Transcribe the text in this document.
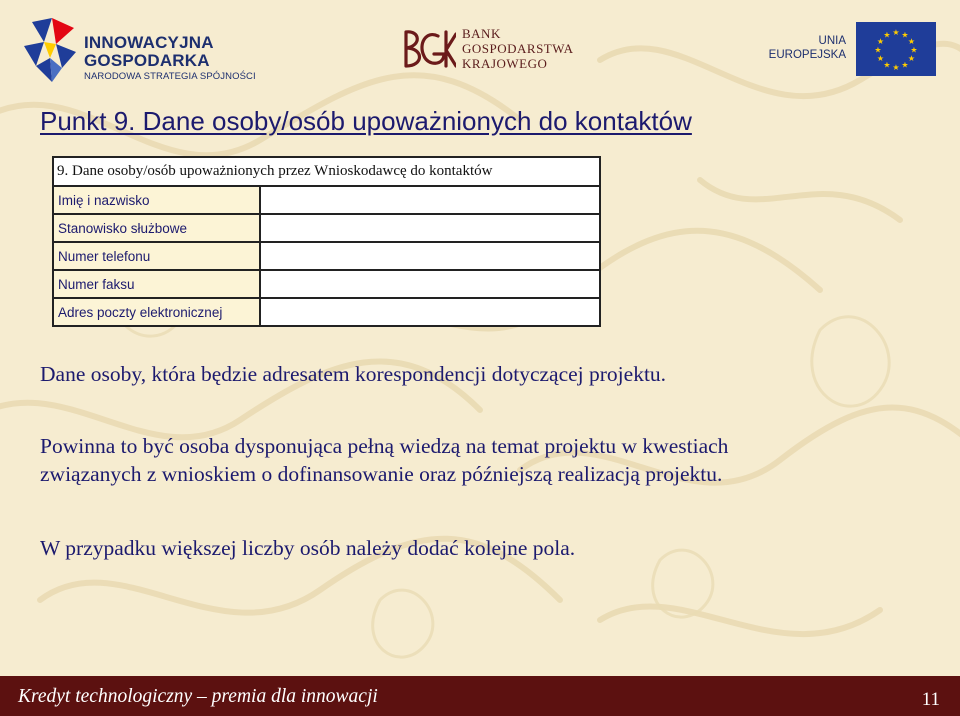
INNOWACYJNA
GOSPODARKA
NARODOWA STRATEGIA SPÓJNOŚCI
BANK
GOSPODARSTWA
KRAJOWEGO
UNIA
EUROPEJSKA
★ ★
★
★
★
★
★
★
★
★
★
★
Punkt 9. Dane osoby/osób upoważnionych do kontaktów
9. Dane osoby/osób upoważnionych przez Wnioskodawcę do kontaktów	
Imię i nazwisko	
Stanowisko służbowe	
Numer telefonu	
Numer faksu	
Adres poczty elektronicznej	
Dane osoby, która będzie adresatem korespondencji dotyczącej projektu.
Powinna to być osoba dysponująca pełną wiedzą na temat projektu w kwestiach
związanych z wnioskiem o dofinansowanie oraz późniejszą realizacją projektu.
W przypadku większej liczby osób należy dodać kolejne pola.
Kredyt technologiczny – premia dla innowacji	11
